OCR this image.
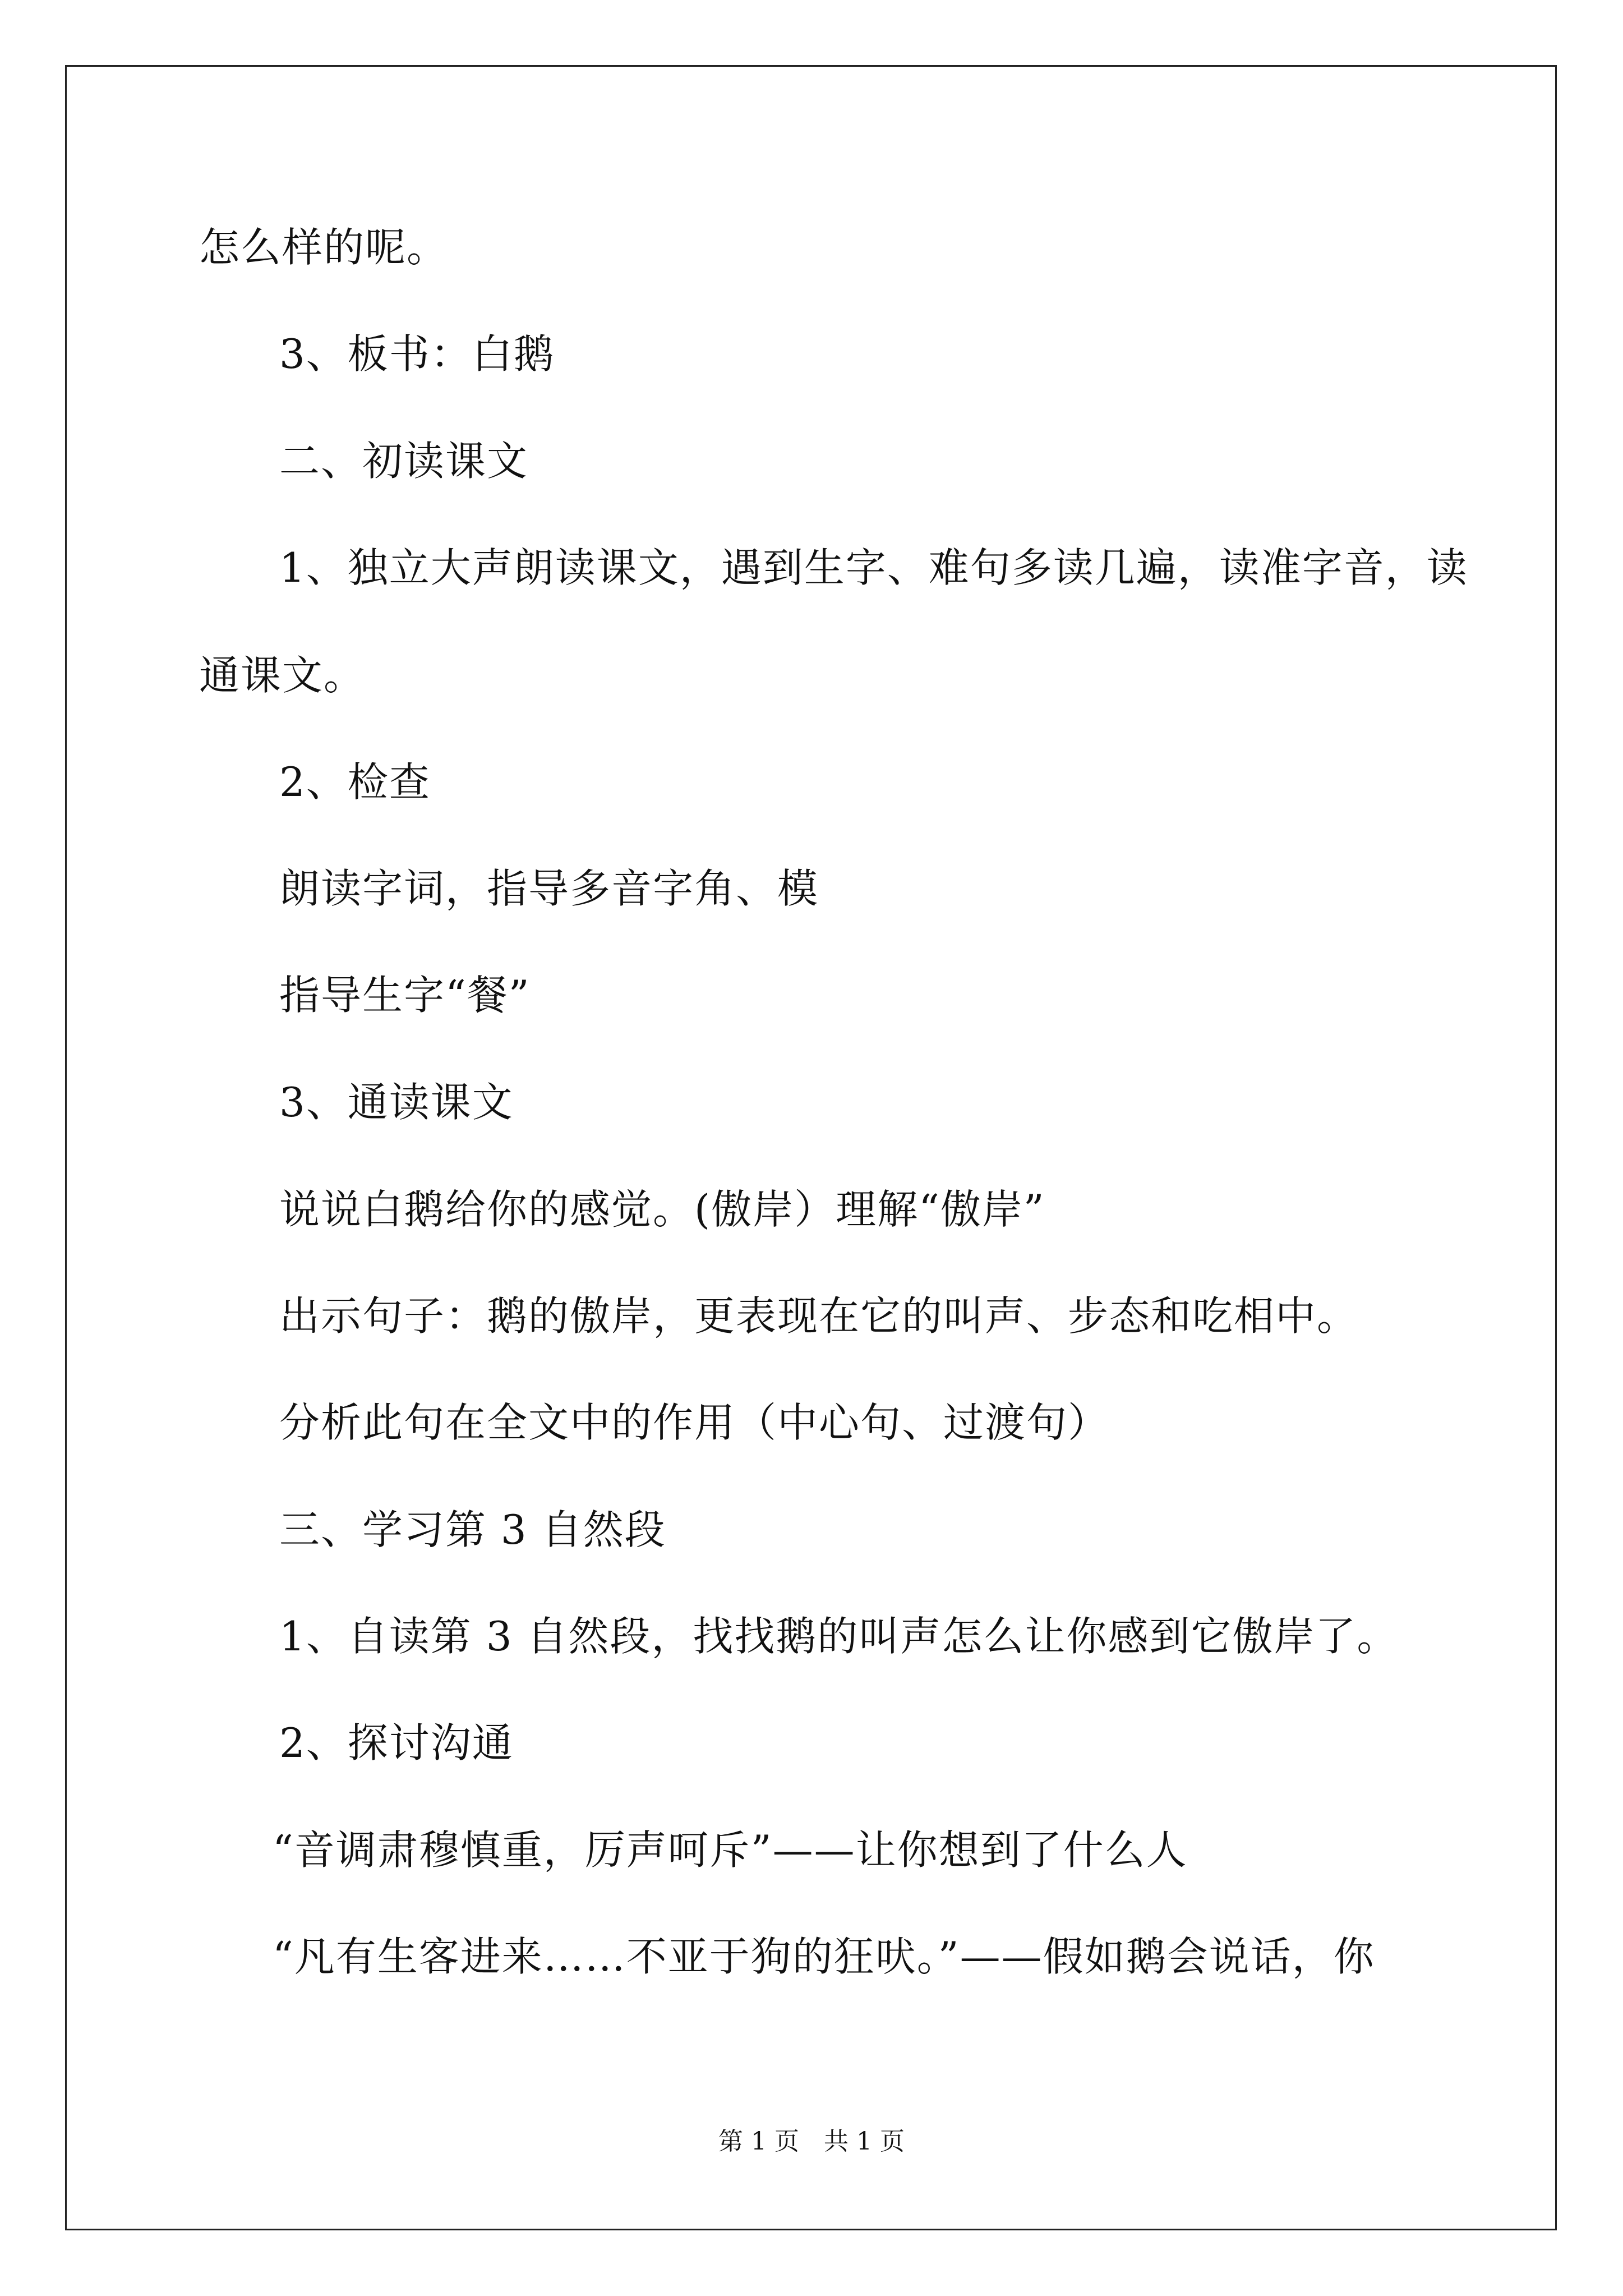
怎么样的呢。
3、板书：白鹅
二、初读课文
1、独立大声朗读课文，遇到生字、难句多读几遍，读准字音，读
通课文。
2、检查
朗读字词，指导多音字角、模
指导生字“餐”
3、通读课文
说说白鹅给你的感觉。(傲岸）理解“傲岸”
出示句子：鹅的傲岸，更表现在它的叫声、步态和吃相中。
分析此句在全文中的作用（中心句、过渡句）
三、学习第 3 自然段
1、自读第 3 自然段，找找鹅的叫声怎么让你感到它傲岸了。
2、探讨沟通
“音调肃穆慎重，厉声呵斥”——让你想到了什么人
“凡有生客进来……不亚于狗的狂吠。”——假如鹅会说话，你
第 1 页　共 1 页
